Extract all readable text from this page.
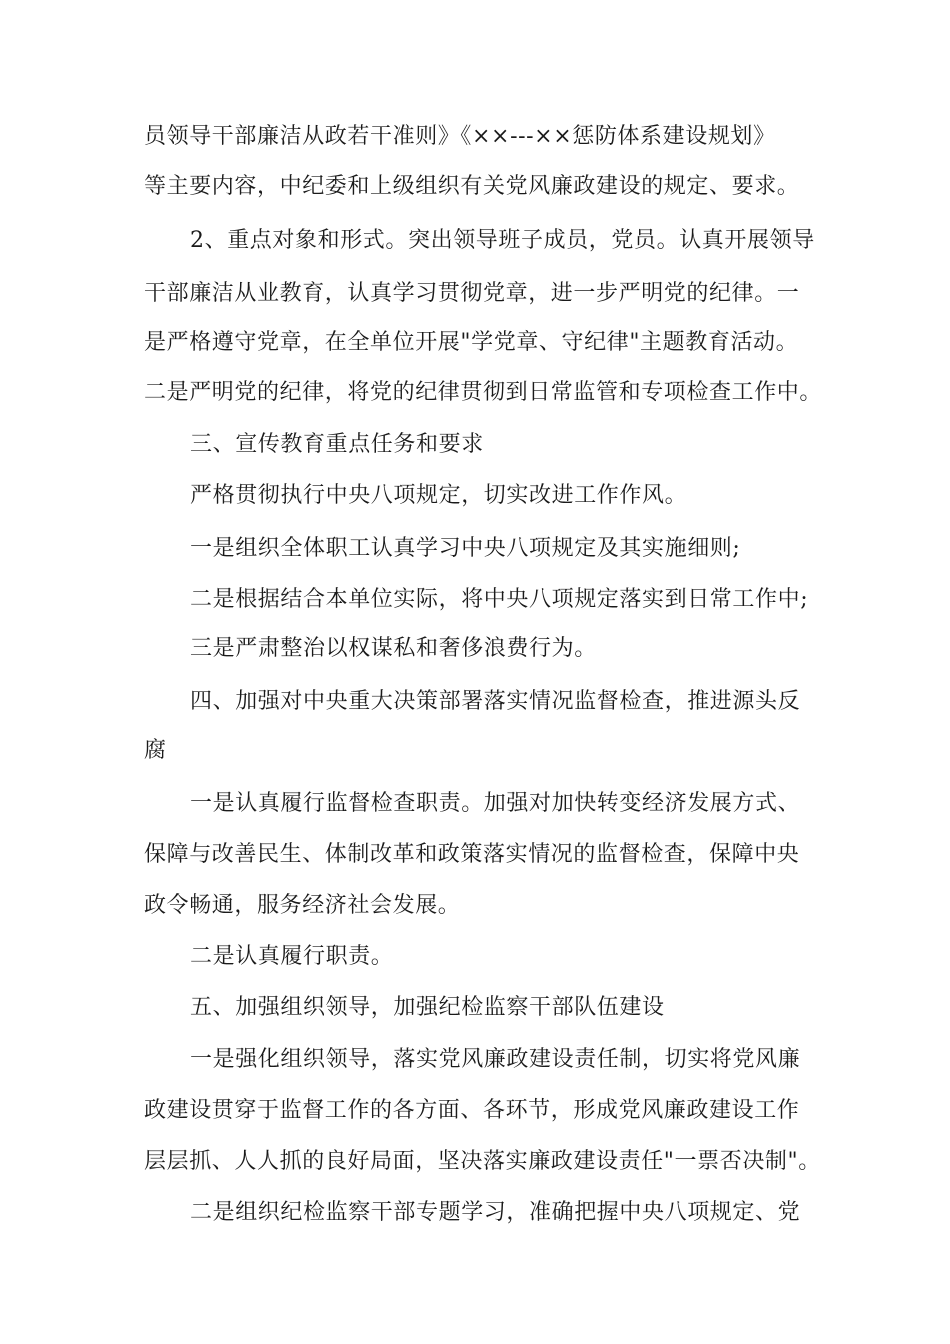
员领导干部廉洁从政若干准则》《××---××惩防体系建设规划》
等主要内容，中纪委和上级组织有关党风廉政建设的规定、要求。
2、重点对象和形式。突出领导班子成员，党员。认真开展领导
干部廉洁从业教育，认真学习贯彻党章，进一步严明党的纪律。一
是严格遵守党章，在全单位开展"学党章、守纪律"主题教育活动。
二是严明党的纪律，将党的纪律贯彻到日常监管和专项检查工作中。
三、宣传教育重点任务和要求
严格贯彻执行中央八项规定，切实改进工作作风。
一是组织全体职工认真学习中央八项规定及其实施细则;
二是根据结合本单位实际，将中央八项规定落实到日常工作中;
三是严肃整治以权谋私和奢侈浪费行为。
四、加强对中央重大决策部署落实情况监督检查，推进源头反
腐
一是认真履行监督检查职责。加强对加快转变经济发展方式、
保障与改善民生、体制改革和政策落实情况的监督检查，保障中央
政令畅通，服务经济社会发展。
二是认真履行职责。
五、加强组织领导，加强纪检监察干部队伍建设
一是强化组织领导，落实党风廉政建设责任制，切实将党风廉
政建设贯穿于监督工作的各方面、各环节，形成党风廉政建设工作
层层抓、人人抓的良好局面，坚决落实廉政建设责任"一票否决制"。
二是组织纪检监察干部专题学习，准确把握中央八项规定、党
